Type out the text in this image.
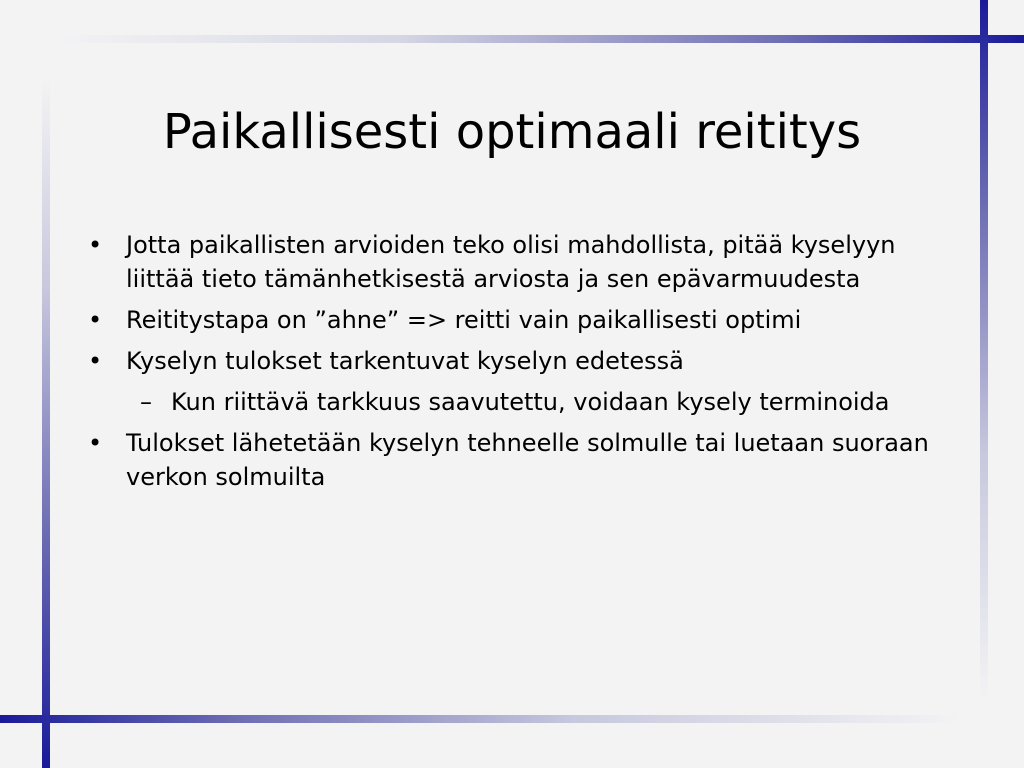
Paikallisesti optimaali reititys
• Jotta paikallisten arvioiden teko olisi mahdollista, pitää kyselyyn liittää tieto tämänhetkisestä arviosta ja sen epävarmuudesta
• Reititystapa on ”ahne” => reitti vain paikallisesti optimi
• Kyselyn tulokset tarkentuvat kyselyn edetessä
– Kun riittävä tarkkuus saavutettu, voidaan kysely terminoida
• Tulokset lähetetään kyselyn tehneelle solmulle tai luetaan suoraan verkon solmuilta
